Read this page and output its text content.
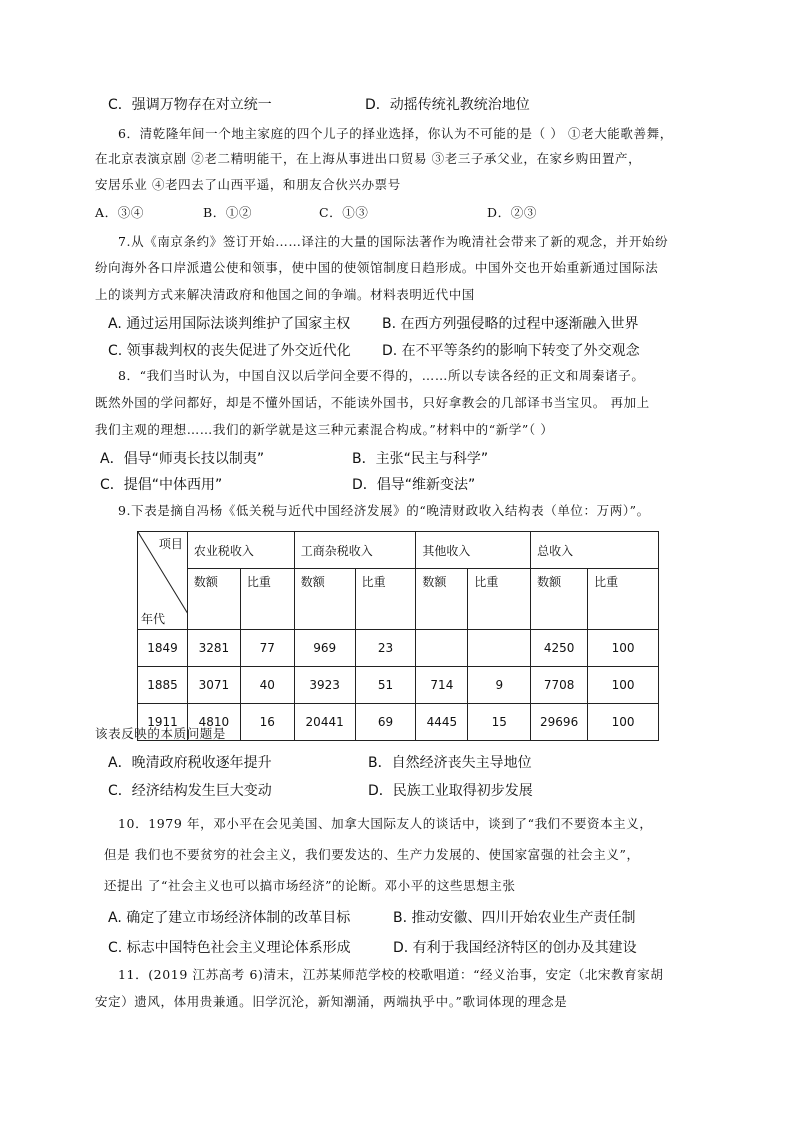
C．强调万物存在对立统一	D．动摇传统礼教统治地位
6．清乾隆年间一个地主家庭的四个儿子的择业选择，你认为不可能的是（ ） ①老大能歌善舞，
在北京表演京剧 ②老二精明能干，在上海从事进出口贸易 ③老三子承父业，在家乡购田置产，
安居乐业 ④老四去了山西平遥，和朋友合伙兴办票号
A．③④	B．①②	C．①③	D．②③
7.从《南京条约》签订开始……译注的大量的国际法著作为晚清社会带来了新的观念，并开始纷
纷向海外各口岸派遣公使和领事，使中国的使领馆制度日趋形成。中国外交也开始重新通过国际法
上的谈判方式来解决清政府和他国之间的争端。材料表明近代中国
A. 通过运用国际法谈判维护了国家主权 B. 在西方列强侵略的过程中逐渐融入世界
C. 领事裁判权的丧失促进了外交近代化 D. 在不平等条约的影响下转变了外交观念
8．“我们当时认为，中国自汉以后学问全要不得的，……所以专读各经的正文和周秦诸子。
既然外国的学问都好，却是不懂外国话，不能读外国书，只好拿教会的几部译书当宝贝。 再加上
我们主观的理想……我们的新学就是这三种元素混合构成。”材料中的“新学”（ ）
A．倡导“师夷长技以制夷”	B．主张“民主与科学”
C．提倡“中体西用”	D．倡导“维新变法”
9.下表是摘自冯杨《低关税与近代中国经济发展》的“晚清财政收入结构表（单位：万两）”。
项目
年代	农业税收入		工商杂税收入		其他收入		总收入	
	数额	比重	数额	比重	数额	比重	数额	比重
1849	3281	77	969	23			4250	100
1885	3071	40	3923	51	714	9	7708	100
1911	4810	16	20441	69	4445	15	29696	100
该表反映的本质问题是
A．晚清政府税收逐年提升	B．自然经济丧失主导地位
C．经济结构发生巨大变动	D．民族工业取得初步发展
10．1979 年，邓小平在会见美国、加拿大国际友人的谈话中，谈到了“我们不要资本主义，
但是 我们也不要贫穷的社会主义，我们要发达的、生产力发展的、使国家富强的社会主义”，
还提出 了“社会主义也可以搞市场经济”的论断。邓小平的这些思想主张
A. 确定了建立市场经济体制的改革目标	B. 推动安徽、四川开始农业生产责任制
C. 标志中国特色社会主义理论体系形成	D. 有利于我国经济特区的创办及其建设
11．(2019 江苏高考 6)清末，江苏某师范学校的校歌唱道：“经义治事，安定（北宋教育家胡
安定）遗风，体用贵兼通。旧学沉沦，新知潮涌，两端执乎中。”歌词体现的理念是
